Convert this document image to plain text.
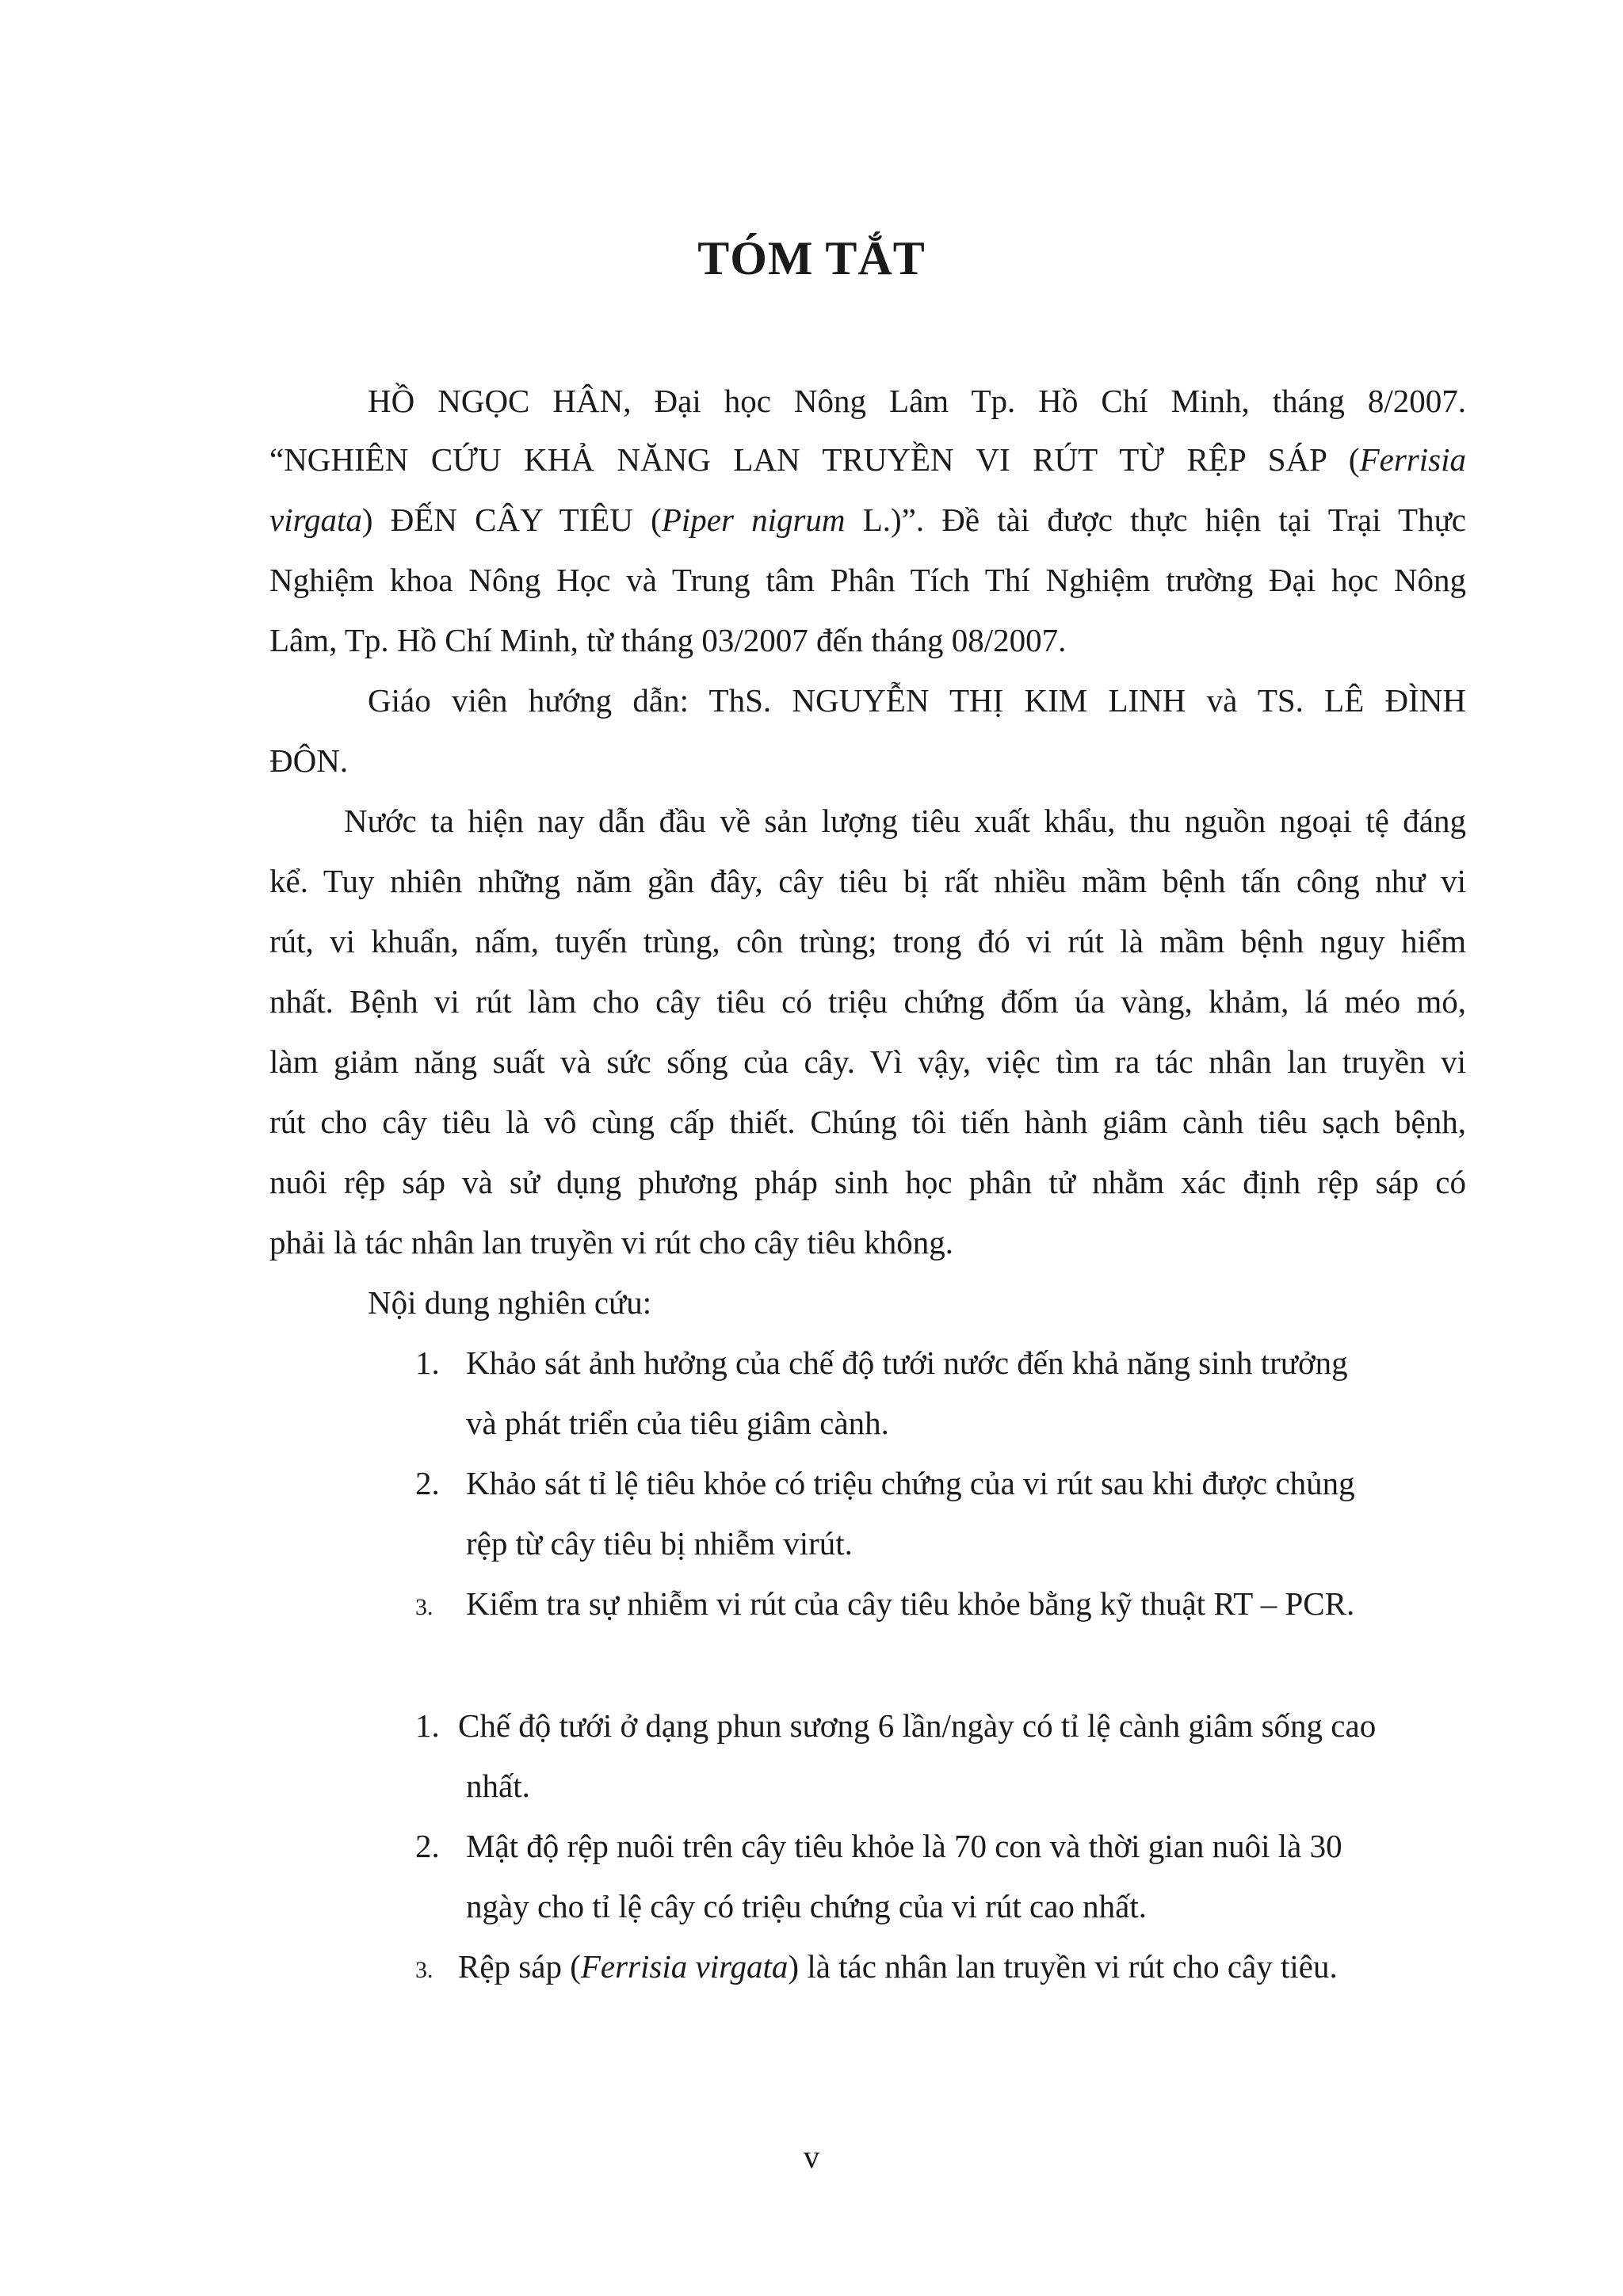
TÓM TẮT

HỒ NGỌC HÂN, Đại học Nông Lâm Tp. Hồ Chí Minh, tháng 8/2007.

“NGHIÊN CỨU KHẢ NĂNG LAN TRUYỀN VI RÚT TỪ RỆP SÁP (Ferrisia

virgata) ĐẾN CÂY TIÊU (Piper nigrum L.)”. Đề tài được thực hiện tại Trại Thực

Nghiệm khoa Nông Học và Trung tâm Phân Tích Thí Nghiệm trường Đại học Nông

Lâm, Tp. Hồ Chí Minh, từ tháng 03/2007 đến tháng 08/2007.

Giáo viên hướng dẫn: ThS. NGUYỄN THỊ KIM LINH và TS. LÊ ĐÌNH

ĐÔN.

Nước ta hiện nay dẫn đầu về sản lượng tiêu xuất khẩu, thu nguồn ngoại tệ đáng

kể. Tuy nhiên những năm gần đây, cây tiêu bị rất nhiều mầm bệnh tấn công như vi

rút, vi khuẩn, nấm, tuyến trùng, côn trùng; trong đó vi rút là mầm bệnh nguy hiểm

nhất. Bệnh vi rút làm cho cây tiêu có triệu chứng đốm úa vàng, khảm, lá méo mó,

làm giảm năng suất và sức sống của cây. Vì vậy, việc tìm ra tác nhân lan truyền vi

rút cho cây tiêu là vô cùng cấp thiết. Chúng tôi tiến hành giâm cành tiêu sạch bệnh,

nuôi rệp sáp và sử dụng phương pháp sinh học phân tử nhằm xác định rệp sáp có

phải là tác nhân lan truyền vi rút cho cây tiêu không.

Nội dung nghiên cứu:

1. Khảo sát ảnh hưởng của chế độ tưới nước đến khả năng sinh trưởng
và phát triển của tiêu giâm cành.
2. Khảo sát tỉ lệ tiêu khỏe có triệu chứng của vi rút sau khi được chủng
rệp từ cây tiêu bị nhiễm virút.
3. Kiểm tra sự nhiễm vi rút của cây tiêu khỏe bằng kỹ thuật RT – PCR.
1. Chế độ tưới ở dạng phun sương 6 lần/ngày có tỉ lệ cành giâm sống cao
nhất.
2. Mật độ rệp nuôi trên cây tiêu khỏe là 70 con và thời gian nuôi là 30
ngày cho tỉ lệ cây có triệu chứng của vi rút cao nhất.
3. Rệp sáp (Ferrisia virgata) là tác nhân lan truyền vi rút cho cây tiêu.
v
